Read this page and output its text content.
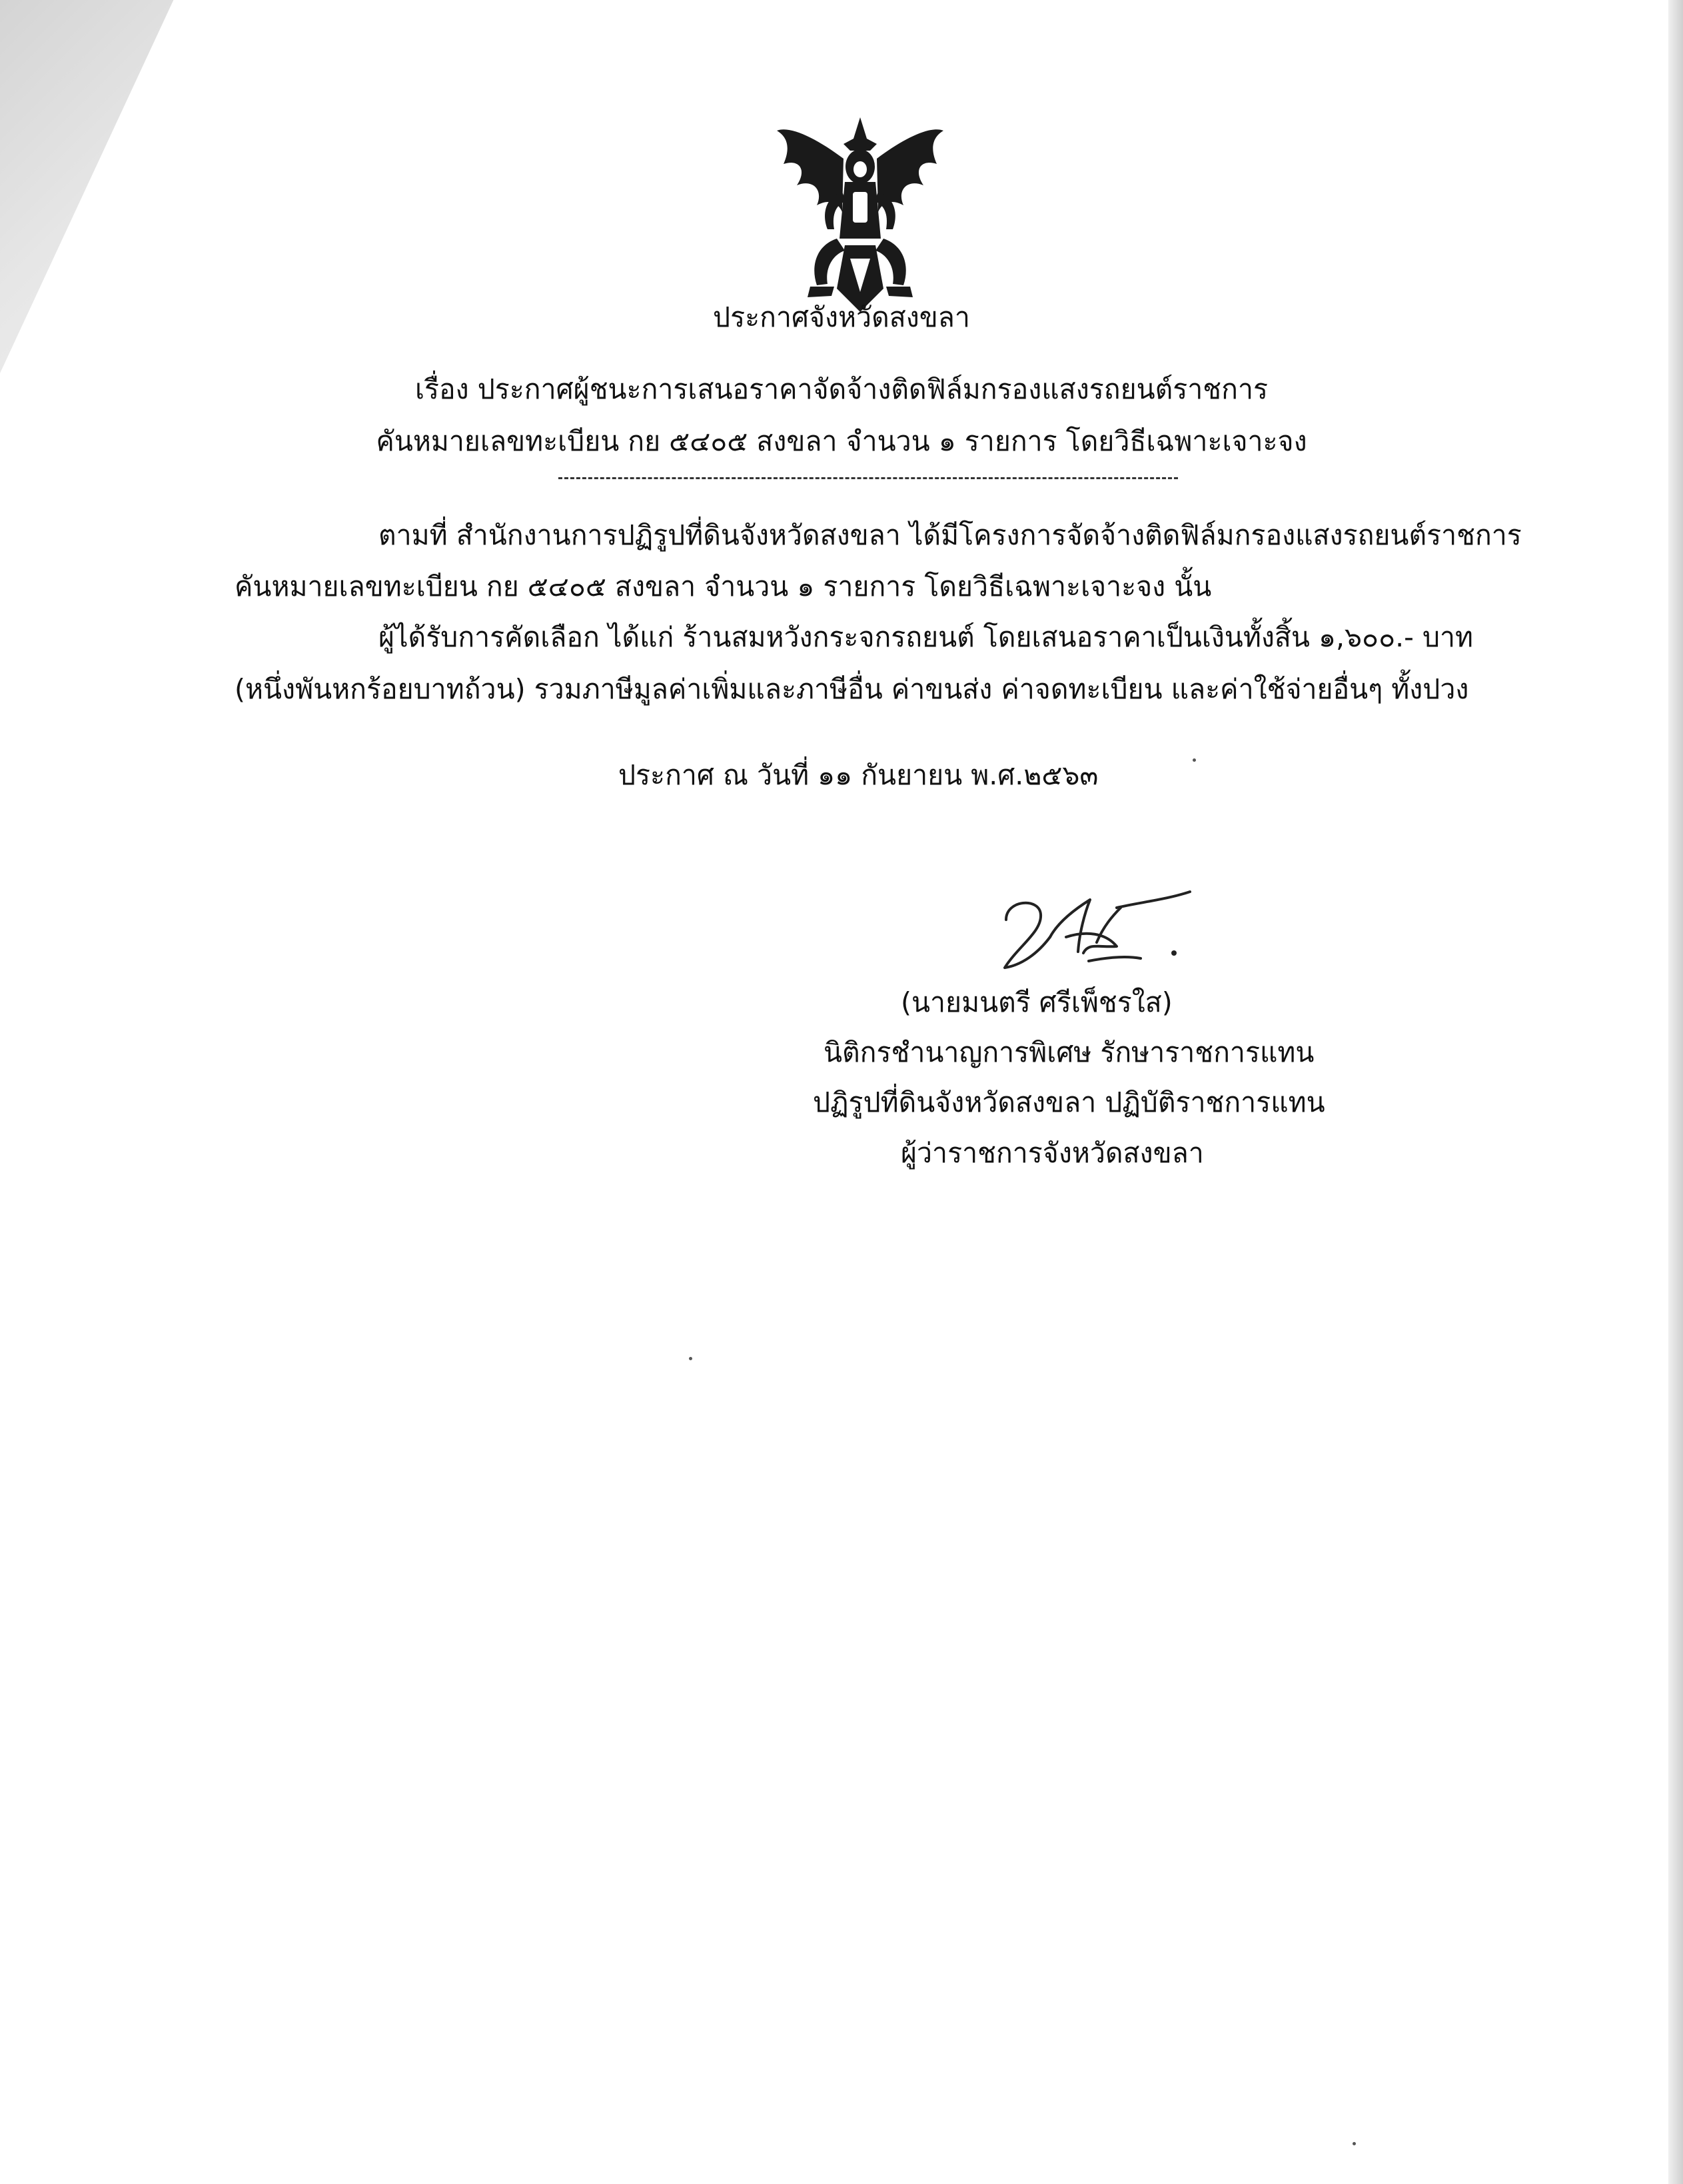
ประกาศจังหวัดสงขลา
เรื่อง ประกาศผู้ชนะการเสนอราคาจัดจ้างติดฟิล์มกรองแสงรถยนต์ราชการ
คันหมายเลขทะเบียน กย ๕๔๐๕ สงขลา จำนวน ๑ รายการ โดยวิธีเฉพาะเจาะจง
ตามที่ สำนักงานการปฏิรูปที่ดินจังหวัดสงขลา ได้มีโครงการจัดจ้างติดฟิล์มกรองแสงรถยนต์ราชการ
คันหมายเลขทะเบียน กย ๕๔๐๕ สงขลา จำนวน ๑ รายการ โดยวิธีเฉพาะเจาะจง นั้น
ผู้ได้รับการคัดเลือก ได้แก่ ร้านสมหวังกระจกรถยนต์ โดยเสนอราคาเป็นเงินทั้งสิ้น ๑,๖๐๐.- บาท
(หนึ่งพันหกร้อยบาทถ้วน) รวมภาษีมูลค่าเพิ่มและภาษีอื่น ค่าขนส่ง ค่าจดทะเบียน และค่าใช้จ่ายอื่นๆ ทั้งปวง
ประกาศ ณ วันที่ ๑๑ กันยายน พ.ศ.๒๕๖๓
(นายมนตรี ศรีเพ็ชรใส)
นิติกรชำนาญการพิเศษ รักษาราชการแทน
ปฏิรูปที่ดินจังหวัดสงขลา ปฏิบัติราชการแทน
ผู้ว่าราชการจังหวัดสงขลา
